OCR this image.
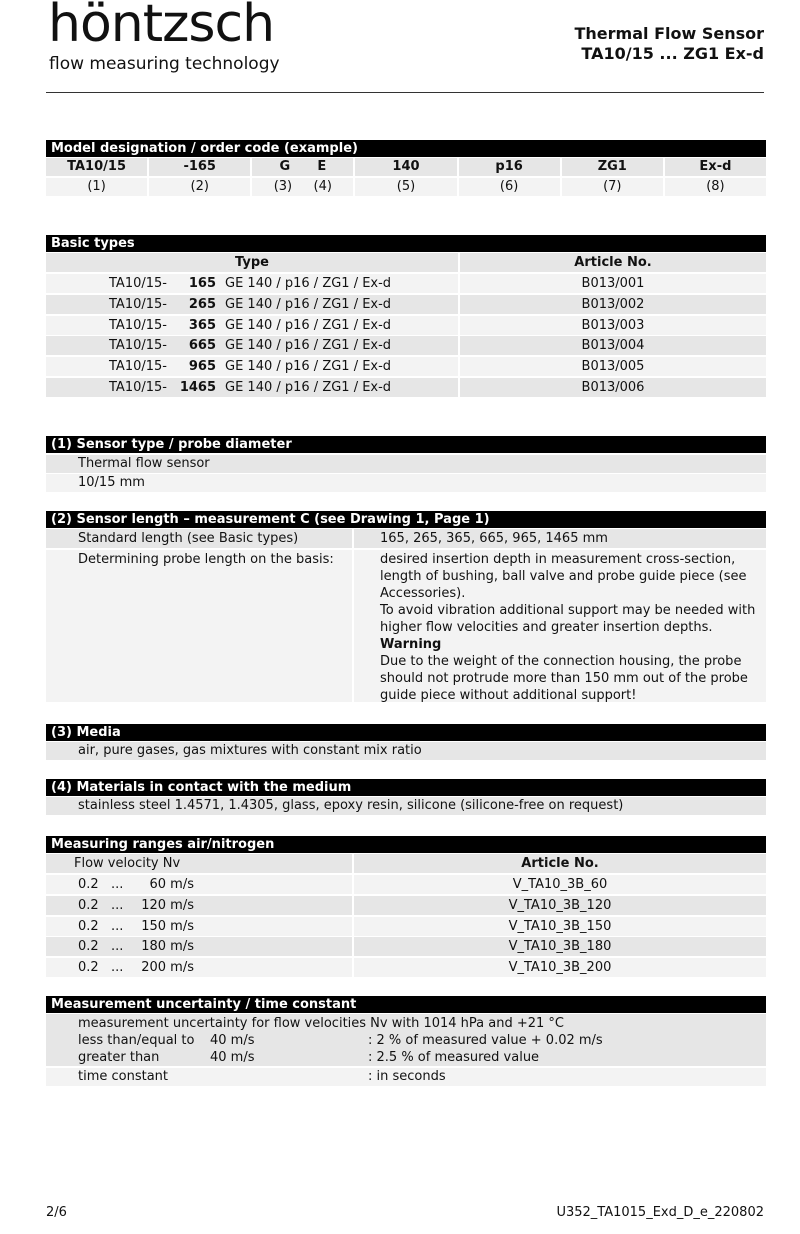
höntzsch
flow measuring technology
Thermal Flow Sensor
TA10/15 ... ZG1 Ex-d
Model designation / order code (example)
TA10/15	-165	G E	140	p16	ZG1	Ex-d
(1)	(2)	(3) (4)	(5)	(6)	(7)	(8)
Basic types
Type	Article No.
TA10/15- 165 GE 140 / p16 / ZG1 / Ex-d	B013/001
TA10/15- 265 GE 140 / p16 / ZG1 / Ex-d	B013/002
TA10/15- 365 GE 140 / p16 / ZG1 / Ex-d	B013/003
TA10/15- 665 GE 140 / p16 / ZG1 / Ex-d	B013/004
TA10/15- 965 GE 140 / p16 / ZG1 / Ex-d	B013/005
TA10/15- 1465 GE 140 / p16 / ZG1 / Ex-d	B013/006
(1) Sensor type / probe diameter
Thermal flow sensor
10/15 mm
(2) Sensor length – measurement C (see Drawing 1, Page 1)
Standard length (see Basic types)	165, 265, 365, 665, 965, 1465 mm
Determining probe length on the basis:	desired insertion depth in measurement cross-section, length of bushing, ball valve and probe guide piece (see Accessories).

To avoid vibration additional support may be needed with higher flow velocities and greater insertion depths.

Warning

Due to the weight of the connection housing, the probe should not protrude more than 150 mm out of the probe guide piece without additional support!

(3) Media
air, pure gases, gas mixtures with constant mix ratio
(4) Materials in contact with the medium
stainless steel 1.4571, 1.4305, glass, epoxy resin, silicone (silicone-free on request)
Measuring ranges air/nitrogen
Flow velocity Nv	Article No.
0.2 ... 60 m/s	V_TA10_3B_60
0.2 ... 120 m/s	V_TA10_3B_120
0.2 ... 150 m/s	V_TA10_3B_150
0.2 ... 180 m/s	V_TA10_3B_180
0.2 ... 200 m/s	V_TA10_3B_200
Measurement uncertainty / time constant
measurement uncertainty for flow velocities Nv with 1014 hPa and +21 °C
less than/equal to 40 m/s	: 2 % of measured value + 0.02 m/s
greater than	40 m/s	: 2.5 % of measured value
time constant	: in seconds
2/6	U352_TA1015_Exd_D_e_220802
